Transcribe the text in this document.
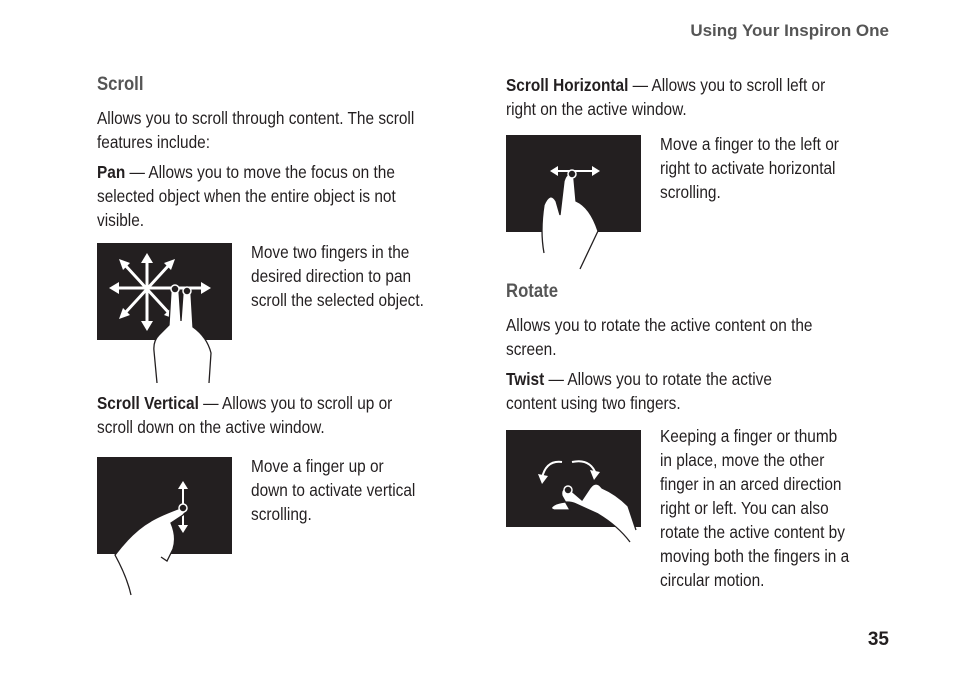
Using Your Inspiron One
Scroll
Allows you to scroll through content. The scroll
features include:
Pan — Allows you to move the focus on the
selected object when the entire object is not
visible.
Move two fingers in the
desired direction to pan
scroll the selected object.
Scroll Vertical — Allows you to scroll up or
scroll down on the active window.
Move a finger up or
down to activate vertical
scrolling.
Scroll Horizontal — Allows you to scroll left or
right on the active window.
Move a finger to the left or
right to activate horizontal
scrolling.
Rotate
Allows you to rotate the active content on the
screen.
Twist — Allows you to rotate the active
content using two fingers.
Keeping a finger or thumb
in place, move the other
finger in an arced direction
right or left. You can also
rotate the active content by
moving both the fingers in a
circular motion.
35
